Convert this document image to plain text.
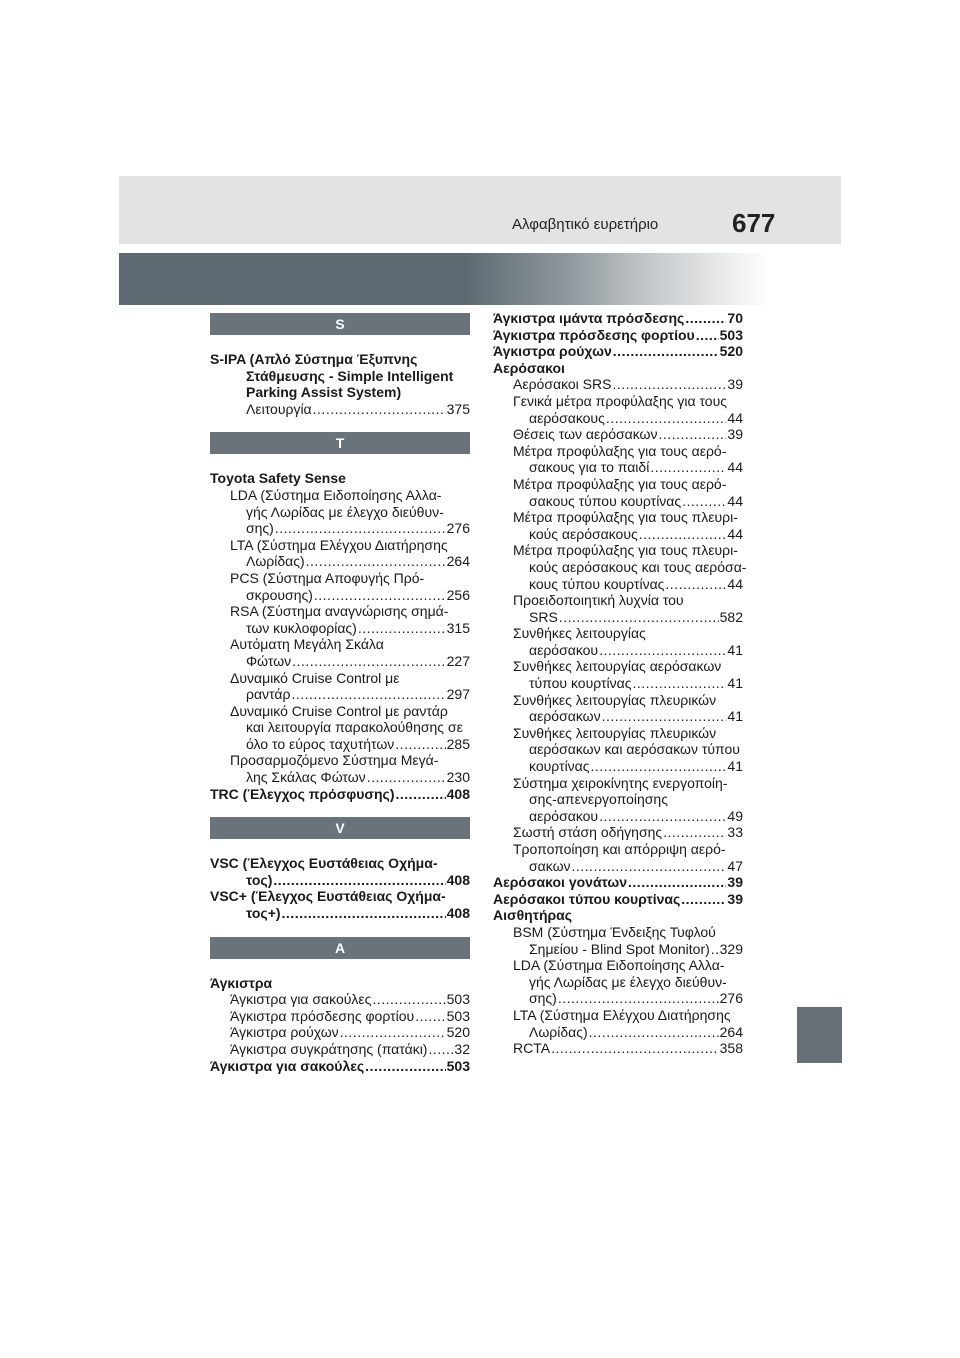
Αλφαβητικό ευρετήριο	677
S
S-IPA (Απλό Σύστημα Έξυπνης
Στάθμευσης - Simple Intelligent
Parking Assist System)
Λειτουργία .....	375
T
Toyota Safety Sense
LDA (Σύστημα Ειδοποίησης Αλλα-
γής Λωρίδας με έλεγχο διεύθυν-
σης) .....	276
LTA (Σύστημα Ελέγχου Διατήρησης
Λωρίδας) .....	264
PCS (Σύστημα Αποφυγής Πρό-
σκρουσης) .....	256
RSA (Σύστημα αναγνώρισης σημά-
των κυκλοφορίας) .....	315
Αυτόματη Μεγάλη Σκάλα
Φώτων .....	227
Δυναμικό Cruise Control με
ραντάρ .....	297
Δυναμικό Cruise Control με ραντάρ
και λειτουργία παρακολούθησης σε
όλο το εύρος ταχυτήτων .....	285
Προσαρμοζόμενο Σύστημα Μεγά-
λης Σκάλας Φώτων .....	230
TRC (Έλεγχος πρόσφυσης) .....	408
V
VSC (Έλεγχος Ευστάθειας Οχήμα-
τος) .....	408
VSC+ (Έλεγχος Ευστάθειας Οχήμα-
τος+) .....	408
Α
Άγκιστρα
Άγκιστρα για σακούλες .....	503
Άγκιστρα πρόσδεσης φορτίου ..... 503
Άγκιστρα ρούχων .....	520
Άγκιστρα συγκράτησης (πατάκι) ..... 32
Άγκιστρα για σακούλες .....	503
Άγκιστρα ιμάντα πρόσδεσης .....	70
Άγκιστρα πρόσδεσης φορτίου ..... 503
Άγκιστρα ρούχων .....	520
Αερόσακοι
Αερόσακοι SRS .....	39
Γενικά μέτρα προφύλαξης για τους
αερόσακους .....	44
Θέσεις των αερόσακων .....	39
Μέτρα προφύλαξης για τους αερό-
σακους για το παιδί .....	44
Μέτρα προφύλαξης για τους αερό-
σακους τύπου κουρτίνας .....	44
Μέτρα προφύλαξης για τους πλευρι-
κούς αερόσακους .....	44
Μέτρα προφύλαξης για τους πλευρι-
κούς αερόσακους και τους αερόσα-
κους τύπου κουρτίνας .....	44
Προειδοποιητική λυχνία του
SRS .....	582
Συνθήκες λειτουργίας
αερόσακου .....	41
Συνθήκες λειτουργίας αερόσακων
τύπου κουρτίνας .....	41
Συνθήκες λειτουργίας πλευρικών
αερόσακων .....	41
Συνθήκες λειτουργίας πλευρικών
αερόσακων και αερόσακων τύπου
κουρτίνας .....	41
Σύστημα χειροκίνητης ενεργοποίη-
σης-απενεργοποίησης
αερόσακου .....	49
Σωστή στάση οδήγησης .....	33
Τροποποίηση και απόρριψη αερό-
σακων .....	47
Αερόσακοι γονάτων .....	39
Αερόσακοι τύπου κουρτίνας .....	39
Αισθητήρας
BSM (Σύστημα Ένδειξης Τυφλού
Σημείου - Blind Spot Monitor) ..... 329
LDA (Σύστημα Ειδοποίησης Αλλα-
γής Λωρίδας με έλεγχο διεύθυν-
σης) .....	276
LTA (Σύστημα Ελέγχου Διατήρησης
Λωρίδας) .....	264
RCTA .....	358
